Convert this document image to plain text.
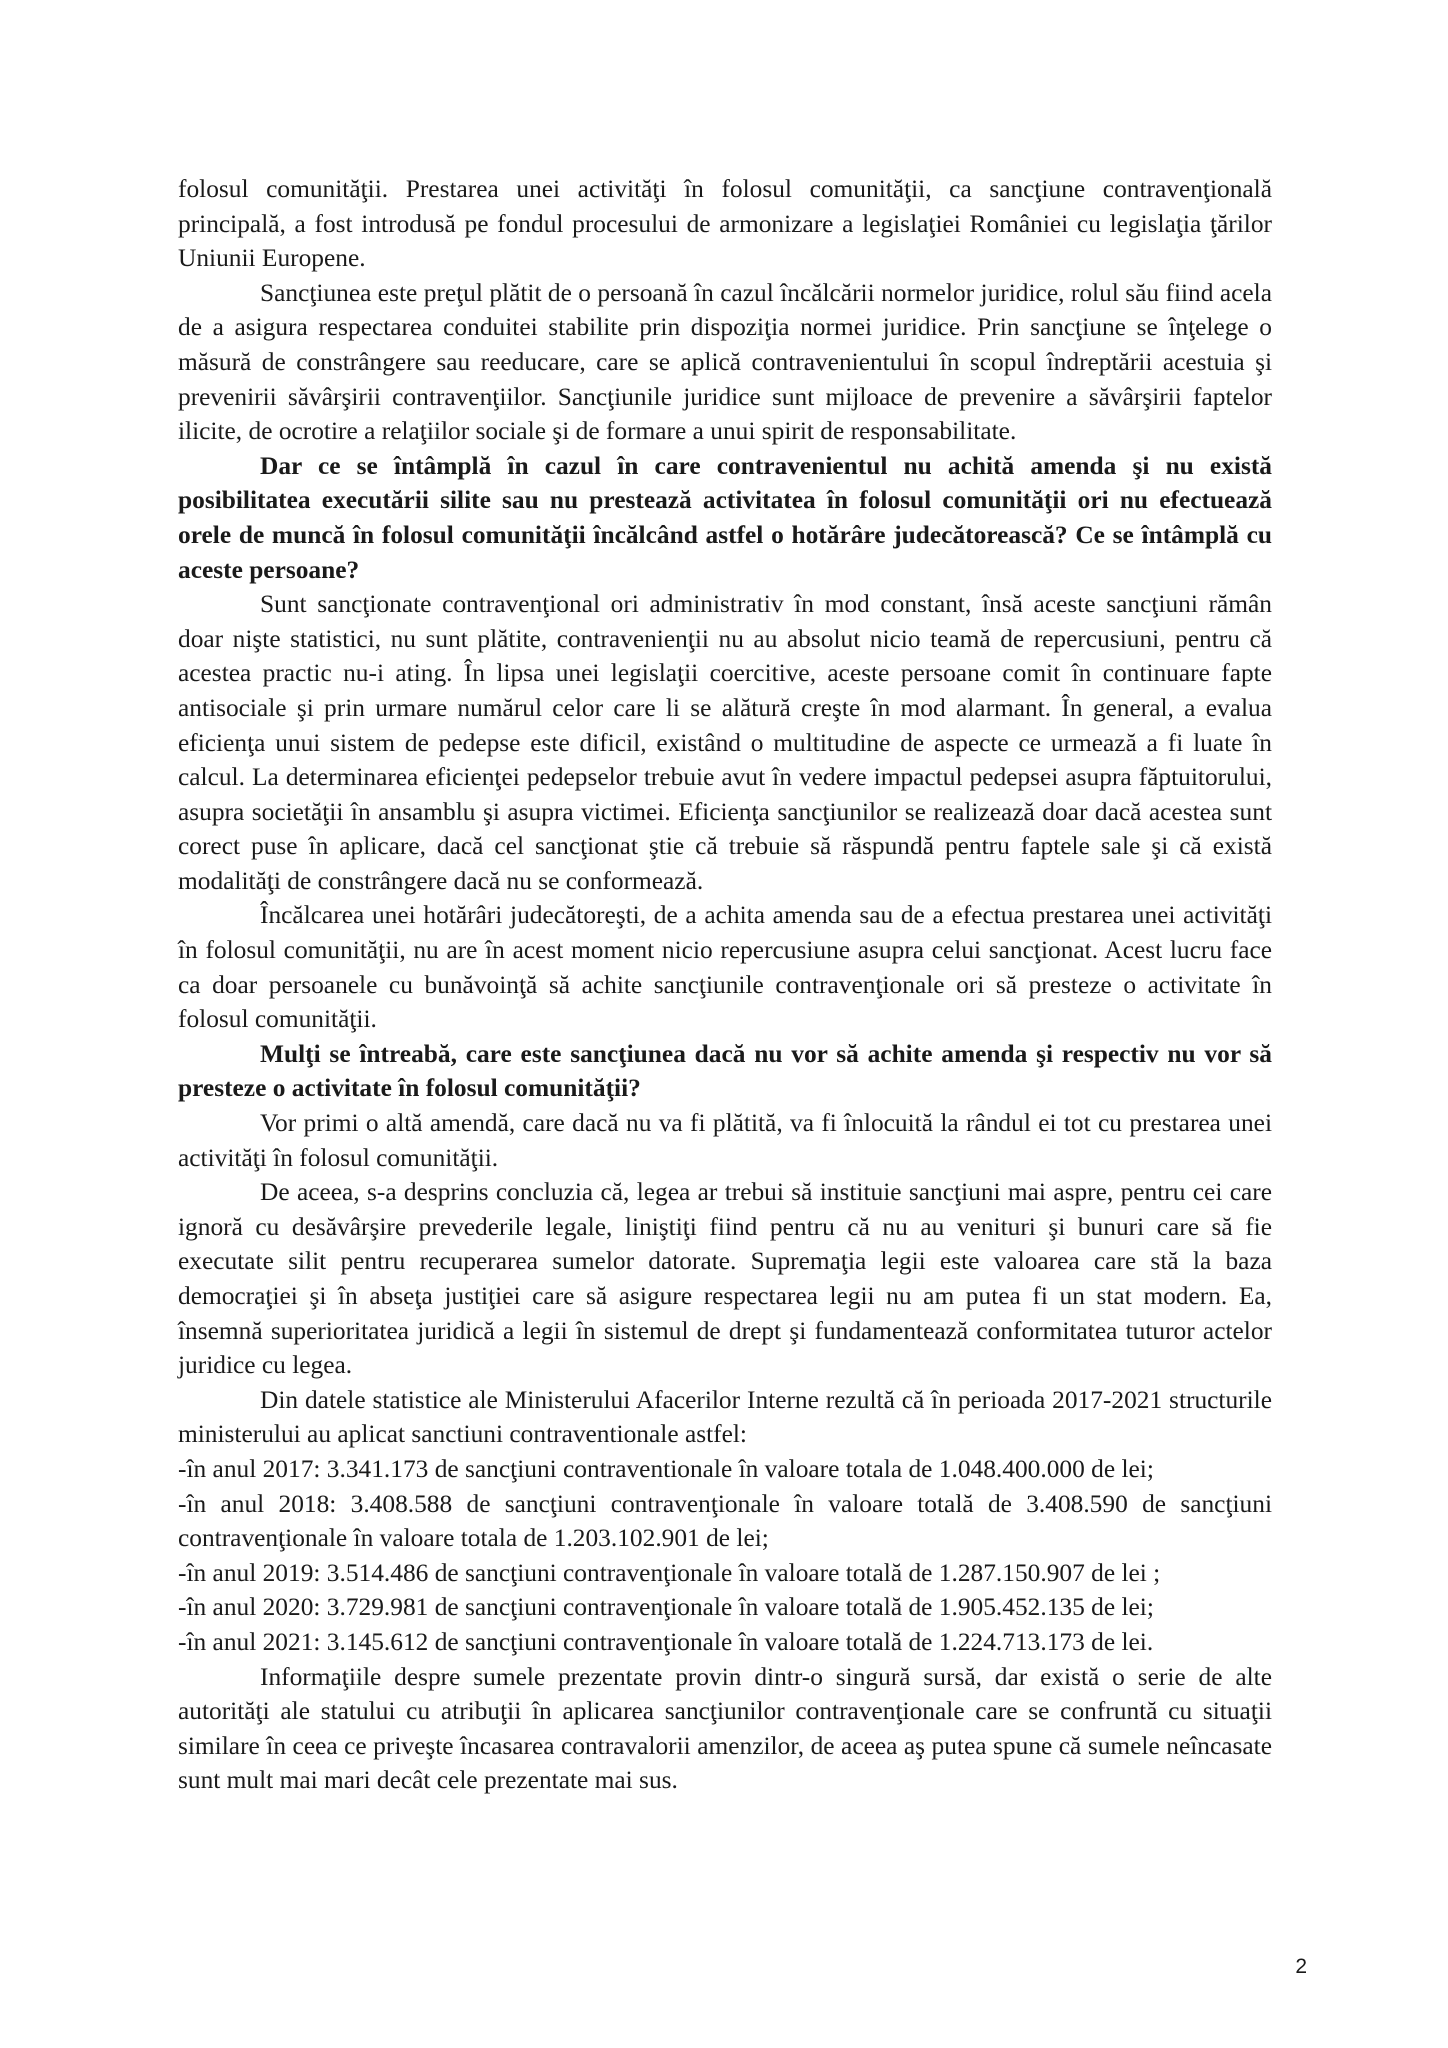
folosul comunităţii. Prestarea unei activităţi în folosul comunităţii, ca sancţiune contravenţională principală, a fost introdusă pe fondul procesului de armonizare a legislaţiei României cu legislaţia ţărilor Uniunii Europene.

Sancţiunea este preţul plătit de o persoană în cazul încălcării normelor juridice, rolul său fiind acela de a asigura respectarea conduitei stabilite prin dispoziţia normei juridice. Prin sancţiune se înţelege o măsură de constrângere sau reeducare, care se aplică contravenientului în scopul îndreptării acestuia şi prevenirii săvârşirii contravenţiilor. Sancţiunile juridice sunt mijloace de prevenire a săvârşirii faptelor ilicite, de ocrotire a relaţiilor sociale şi de formare a unui spirit de responsabilitate.

Dar ce se întâmplă în cazul în care contravenientul nu achită amenda şi nu există posibilitatea executării silite sau nu prestează activitatea în folosul comunităţii ori nu efectuează orele de muncă în folosul comunităţii încălcând astfel o hotărâre judecătorească? Ce se întâmplă cu aceste persoane?

Sunt sancţionate contravenţional ori administrativ în mod constant, însă aceste sancţiuni rămân doar nişte statistici, nu sunt plătite, contravenienţii nu au absolut nicio teamă de repercusiuni, pentru că acestea practic nu-i ating. În lipsa unei legislaţii coercitive, aceste persoane comit în continuare fapte antisociale şi prin urmare numărul celor care li se alătură creşte în mod alarmant. În general, a evalua eficienţa unui sistem de pedepse este dificil, existând o multitudine de aspecte ce urmează a fi luate în calcul. La determinarea eficienţei pedepselor trebuie avut în vedere impactul pedepsei asupra făptuitorului, asupra societăţii în ansamblu şi asupra victimei. Eficienţa sancţiunilor se realizează doar dacă acestea sunt corect puse în aplicare, dacă cel sancţionat ştie că trebuie să răspundă pentru faptele sale şi că există modalităţi de constrângere dacă nu se conformează.

Încălcarea unei hotărâri judecătoreşti, de a achita amenda sau de a efectua prestarea unei activităţi în folosul comunităţii, nu are în acest moment nicio repercusiune asupra celui sancţionat. Acest lucru face ca doar persoanele cu bunăvoinţă să achite sancţiunile contravenţionale ori să presteze o activitate în folosul comunităţii.

Mulţi se întreabă, care este sancţiunea dacă nu vor să achite amenda şi respectiv nu vor să presteze o activitate în folosul comunităţii?

Vor primi o altă amendă, care dacă nu va fi plătită, va fi înlocuită la rândul ei tot cu prestarea unei activităţi în folosul comunităţii.

De aceea, s-a desprins concluzia că, legea ar trebui să instituie sancţiuni mai aspre, pentru cei care ignoră cu desăvârşire prevederile legale, liniştiţi fiind pentru că nu au venituri şi bunuri care să fie executate silit pentru recuperarea sumelor datorate. Supremaţia legii este valoarea care stă la baza democraţiei şi în abseţa justiţiei care să asigure respectarea legii nu am putea fi un stat modern. Ea, însemnă superioritatea juridică a legii în sistemul de drept şi fundamentează conformitatea tuturor actelor juridice cu legea.

Din datele statistice ale Ministerului Afacerilor Interne rezultă că în perioada 2017-2021 structurile ministerului au aplicat sanctiuni contraventionale astfel:

-în anul 2017: 3.341.173 de sancţiuni contraventionale în valoare totala de 1.048.400.000 de lei;

-în anul 2018: 3.408.588 de sancţiuni contravenţionale în valoare totală de 3.408.590 de sancţiuni contravenţionale în valoare totala de 1.203.102.901 de lei;

-în anul 2019: 3.514.486 de sancţiuni contravenţionale în valoare totală de 1.287.150.907 de lei ;

-în anul 2020: 3.729.981 de sancţiuni contravenţionale în valoare totală de 1.905.452.135 de lei;

-în anul 2021: 3.145.612 de sancţiuni contravenţionale în valoare totală de 1.224.713.173 de lei.

Informaţiile despre sumele prezentate provin dintr-o singură sursă, dar există o serie de alte autorităţi ale statului cu atribuţii în aplicarea sancţiunilor contravenţionale care se confruntă cu situaţii similare în ceea ce priveşte încasarea contravalorii amenzilor, de aceea aş putea spune că sumele neîncasate sunt mult mai mari decât cele prezentate mai sus.

2
